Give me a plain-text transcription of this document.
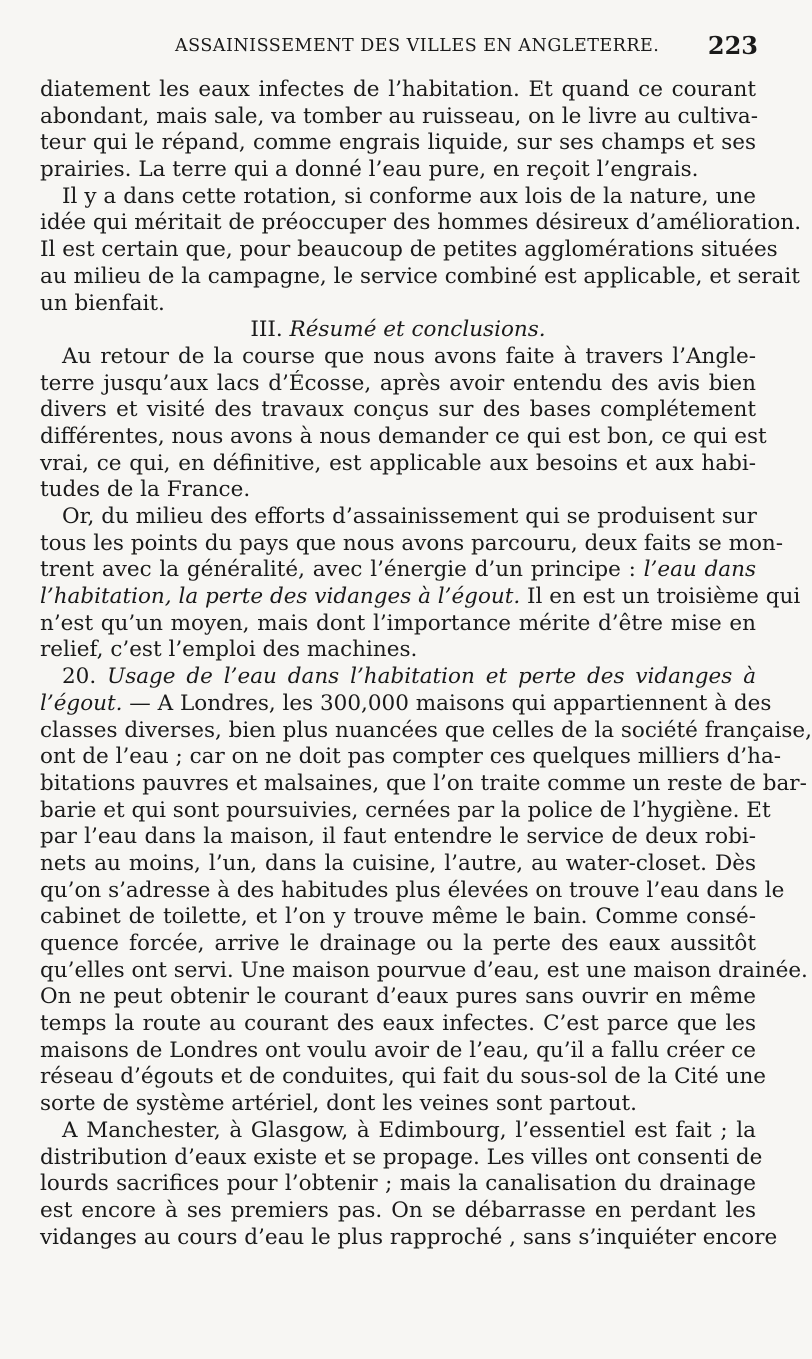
ASSAINISSEMENT DES VILLES EN ANGLETERRE. 223
diatement les eaux infectes de l’habitation. Et quand ce courant
abondant, mais sale, va tomber au ruisseau, on le livre au cultiva-
teur qui le répand, comme engrais liquide, sur ses champs et ses
prairies. La terre qui a donné l’eau pure, en reçoit l’engrais.
Il y a dans cette rotation, si conforme aux lois de la nature, une
idée qui méritait de préoccuper des hommes désireux d’amélioration.
Il est certain que, pour beaucoup de petites agglomérations situées
au milieu de la campagne, le service combiné est applicable, et serait
un bienfait.
III. Résumé et conclusions.
Au retour de la course que nous avons faite à travers l’Angle-
terre jusqu’aux lacs d’Écosse, après avoir entendu des avis bien
divers et visité des travaux conçus sur des bases complétement
différentes, nous avons à nous demander ce qui est bon, ce qui est
vrai, ce qui, en définitive, est applicable aux besoins et aux habi-
tudes de la France.
Or, du milieu des efforts d’assainissement qui se produisent sur
tous les points du pays que nous avons parcouru, deux faits se mon-
trent avec la généralité, avec l’énergie d’un principe : l’eau dans
l’habitation, la perte des vidanges à l’égout. Il en est un troisième qui
n’est qu’un moyen, mais dont l’importance mérite d’être mise en
relief, c’est l’emploi des machines.
20. Usage de l’eau dans l’habitation et perte des vidanges à
l’égout. — A Londres, les 300,000 maisons qui appartiennent à des
classes diverses, bien plus nuancées que celles de la société française,
ont de l’eau ; car on ne doit pas compter ces quelques milliers d’ha-
bitations pauvres et malsaines, que l’on traite comme un reste de bar-
barie et qui sont poursuivies, cernées par la police de l’hygiène. Et
par l’eau dans la maison, il faut entendre le service de deux robi-
nets au moins, l’un, dans la cuisine, l’autre, au water-closet. Dès
qu’on s’adresse à des habitudes plus élevées on trouve l’eau dans le
cabinet de toilette, et l’on y trouve même le bain. Comme consé-
quence forcée, arrive le drainage ou la perte des eaux aussitôt
qu’elles ont servi. Une maison pourvue d’eau, est une maison drainée.
On ne peut obtenir le courant d’eaux pures sans ouvrir en même
temps la route au courant des eaux infectes. C’est parce que les
maisons de Londres ont voulu avoir de l’eau, qu’il a fallu créer ce
réseau d’égouts et de conduites, qui fait du sous-sol de la Cité une
sorte de système artériel, dont les veines sont partout.
A Manchester, à Glasgow, à Edimbourg, l’essentiel est fait ; la
distribution d’eaux existe et se propage. Les villes ont consenti de
lourds sacrifices pour l’obtenir ; mais la canalisation du drainage
est encore à ses premiers pas. On se débarrasse en perdant les
vidanges au cours d’eau le plus rapproché , sans s’inquiéter encore
